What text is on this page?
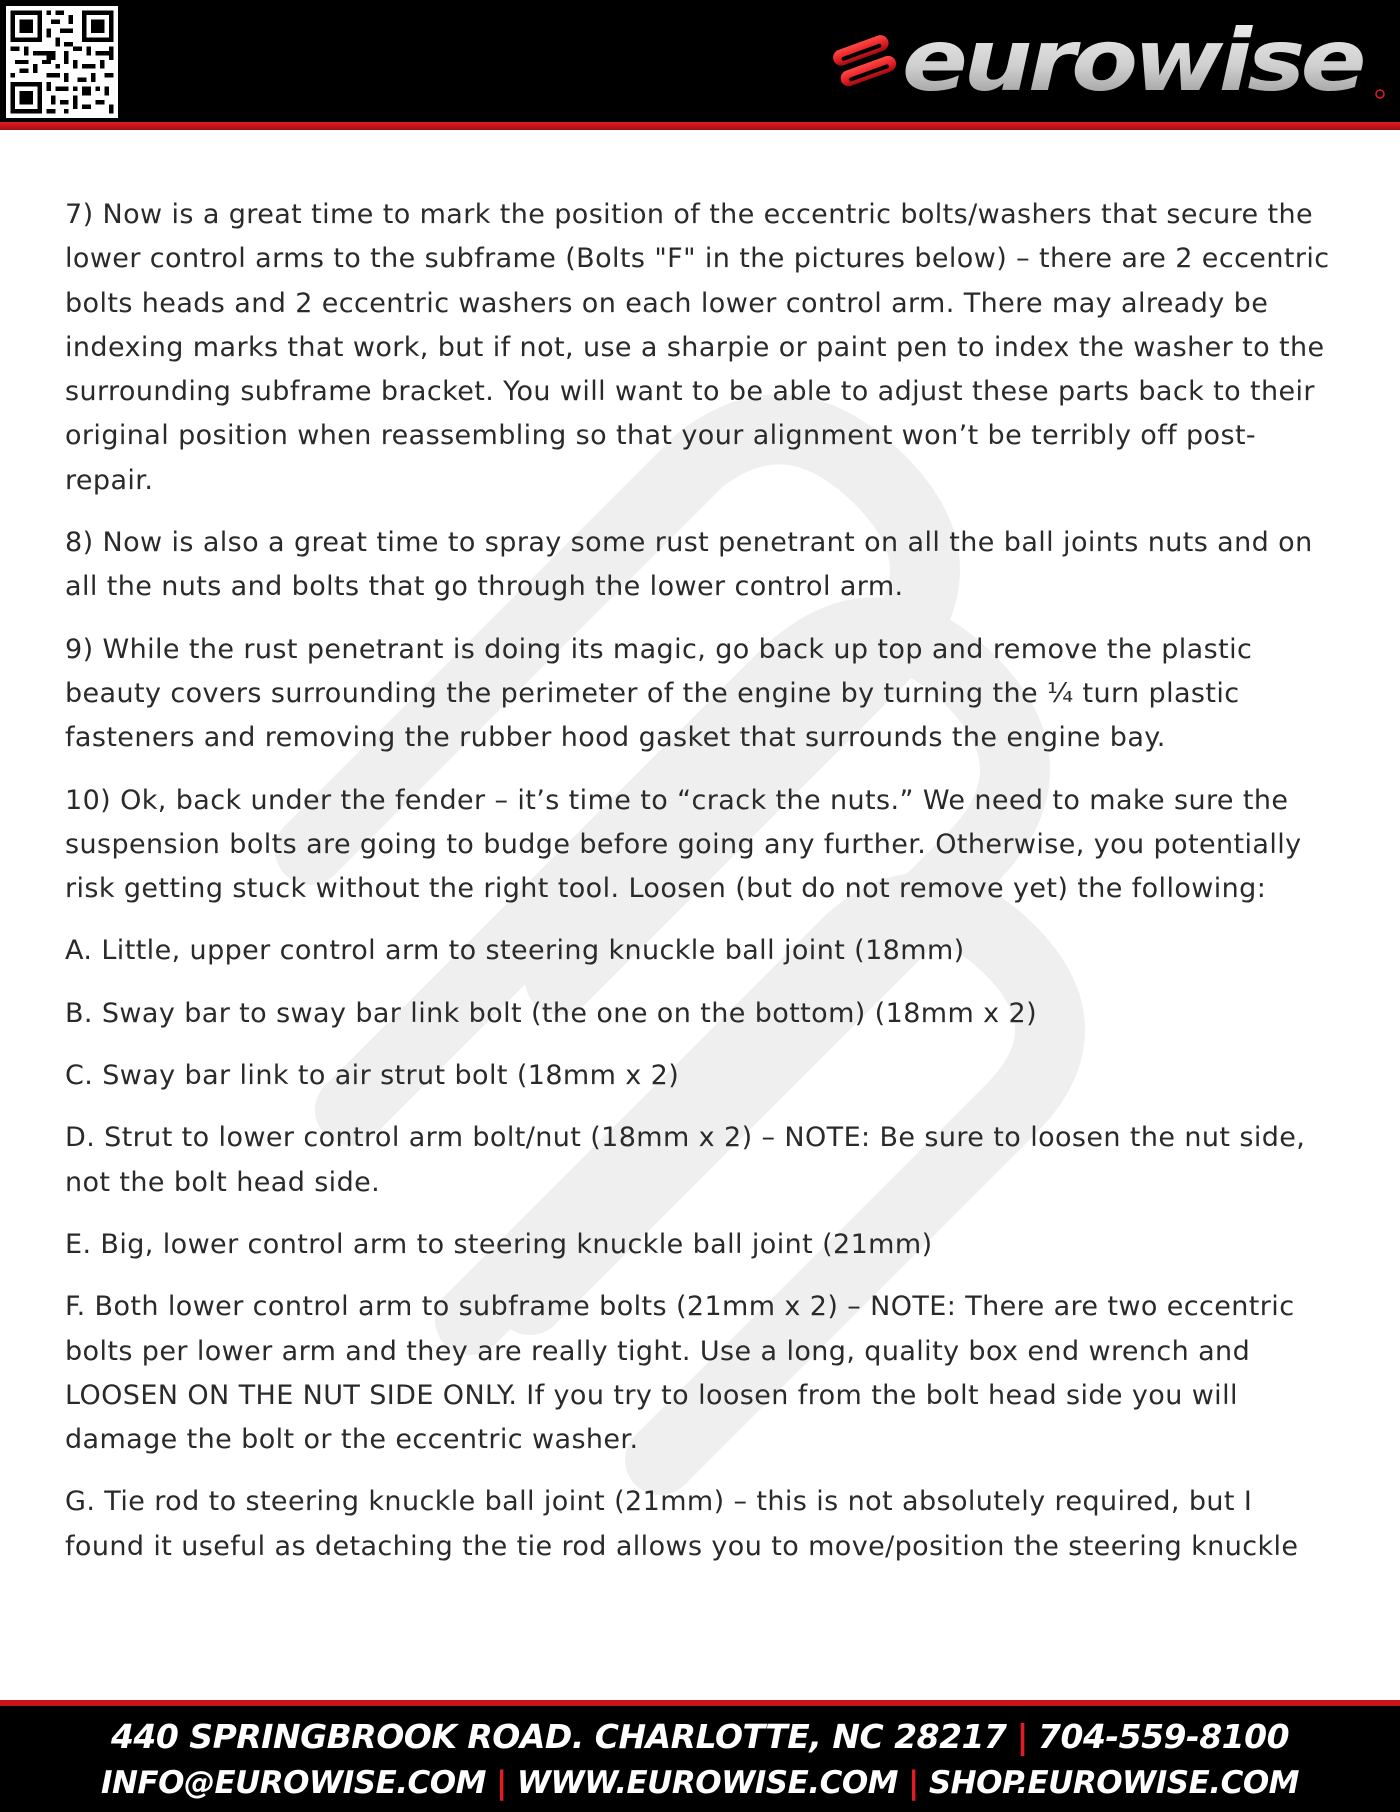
eurowise

7) Now is a great time to mark the position of the eccentric bolts/washers that secure the lower control arms to the subframe (Bolts "F" in the pictures below) – there are 2 eccentric bolts heads and 2 eccentric washers on each lower control arm. There may already be indexing marks that work, but if not, use a sharpie or paint pen to index the washer to the surrounding subframe bracket. You will want to be able to adjust these parts back to their original position when reassembling so that your alignment won’t be terribly off post-repair.

8) Now is also a great time to spray some rust penetrant on all the ball joints nuts and on all the nuts and bolts that go through the lower control arm.

9) While the rust penetrant is doing its magic, go back up top and remove the plastic beauty covers surrounding the perimeter of the engine by turning the ¼ turn plastic fasteners and removing the rubber hood gasket that surrounds the engine bay.

10) Ok, back under the fender – it’s time to “crack the nuts.” We need to make sure the suspension bolts are going to budge before going any further. Otherwise, you potentially risk getting stuck without the right tool. Loosen (but do not remove yet) the following:

A. Little, upper control arm to steering knuckle ball joint (18mm)

B. Sway bar to sway bar link bolt (the one on the bottom) (18mm x 2)

C. Sway bar link to air strut bolt (18mm x 2)

D. Strut to lower control arm bolt/nut (18mm x 2) – NOTE: Be sure to loosen the nut side, not the bolt head side.

E. Big, lower control arm to steering knuckle ball joint (21mm)

F. Both lower control arm to subframe bolts (21mm x 2) – NOTE: There are two eccentric bolts per lower arm and they are really tight. Use a long, quality box end wrench and LOOSEN ON THE NUT SIDE ONLY. If you try to loosen from the bolt head side you will damage the bolt or the eccentric washer.

G. Tie rod to steering knuckle ball joint (21mm) – this is not absolutely required, but I found it useful as detaching the tie rod allows you to move/position the steering knuckle

440 SPRINGBROOK ROAD. CHARLOTTE, NC 28217 | 704-559-8100
INFO@EUROWISE.COM | WWW.EUROWISE.COM | SHOP.EUROWISE.COM
